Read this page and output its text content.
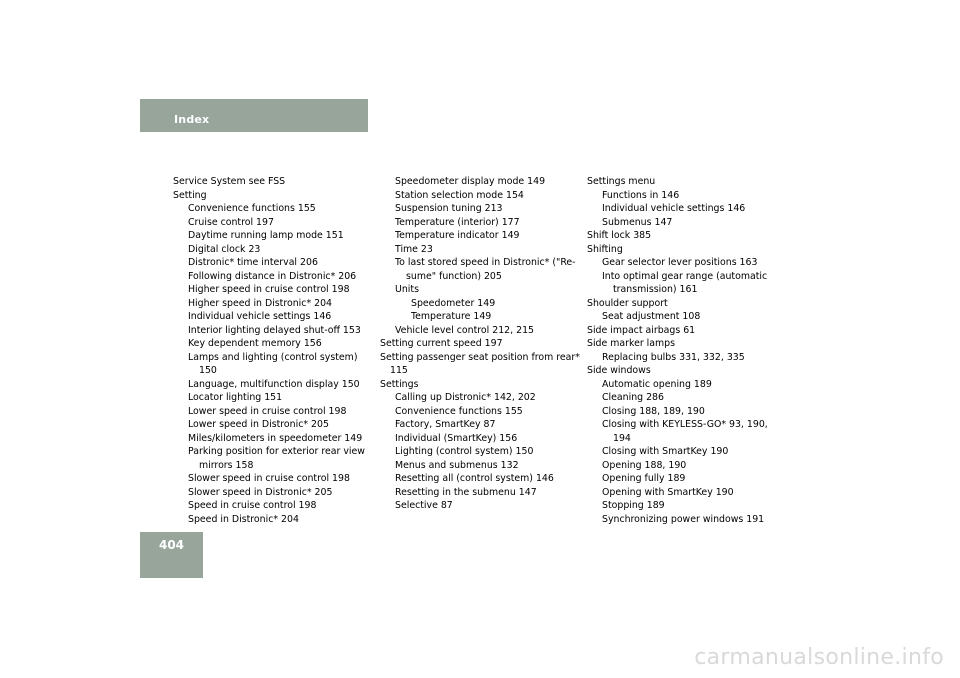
Index
Service System see FSS
Setting
Convenience functions 155
Cruise control 197
Daytime running lamp mode 151
Digital clock 23
Distronic* time interval 206
Following distance in Distronic* 206
Higher speed in cruise control 198
Higher speed in Distronic* 204
Individual vehicle settings 146
Interior lighting delayed shut-off 153
Key dependent memory 156
Lamps and lighting (control system)
150
Language, multifunction display 150
Locator lighting 151
Lower speed in cruise control 198
Lower speed in Distronic* 205
Miles/kilometers in speedometer 149
Parking position for exterior rear view
mirrors 158
Slower speed in cruise control 198
Slower speed in Distronic* 205
Speed in cruise control 198
Speed in Distronic* 204
Speedometer display mode 149
Station selection mode 154
Suspension tuning 213
Temperature (interior) 177
Temperature indicator 149
Time 23
To last stored speed in Distronic* ("Re-
sume" function) 205
Units
Speedometer 149
Temperature 149
Vehicle level control 212, 215
Setting current speed 197
Setting passenger seat position from rear*
115
Settings
Calling up Distronic* 142, 202
Convenience functions 155
Factory, SmartKey 87
Individual (SmartKey) 156
Lighting (control system) 150
Menus and submenus 132
Resetting all (control system) 146
Resetting in the submenu 147
Selective 87
Settings menu
Functions in 146
Individual vehicle settings 146
Submenus 147
Shift lock 385
Shifting
Gear selector lever positions 163
Into optimal gear range (automatic
transmission) 161
Shoulder support
Seat adjustment 108
Side impact airbags 61
Side marker lamps
Replacing bulbs 331, 332, 335
Side windows
Automatic opening 189
Cleaning 286
Closing 188, 189, 190
Closing with KEYLESS-GO* 93, 190,
194
Closing with SmartKey 190
Opening 188, 190
Opening fully 189
Opening with SmartKey 190
Stopping 189
Synchronizing power windows 191
404
carmanualsonline.info
